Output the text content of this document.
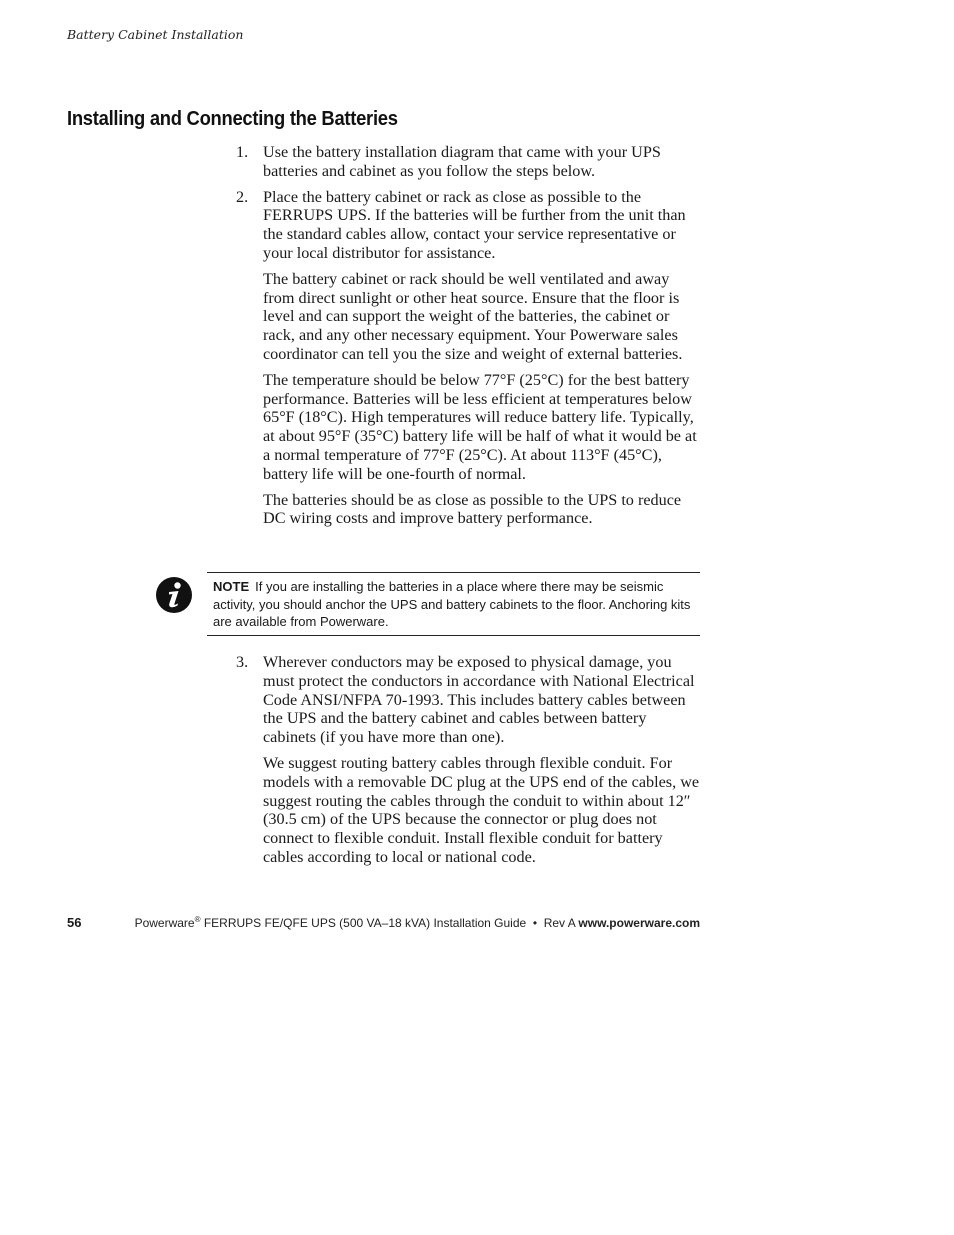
Battery Cabinet Installation
Installing and Connecting the Batteries
1. Use the battery installation diagram that came with your UPS batteries and cabinet as you follow the steps below.
2. Place the battery cabinet or rack as close as possible to the FERRUPS UPS. If the batteries will be further from the unit than the standard cables allow, contact your service representative or your local distributor for assistance.

The battery cabinet or rack should be well ventilated and away from direct sunlight or other heat source. Ensure that the floor is level and can support the weight of the batteries, the cabinet or rack, and any other necessary equipment. Your Powerware sales coordinator can tell you the size and weight of external batteries.

The temperature should be below 77°F (25°C) for the best battery performance. Batteries will be less efficient at temperatures below 65°F (18°C). High temperatures will reduce battery life. Typically, at about 95°F (35°C) battery life will be half of what it would be at a normal temperature of 77°F (25°C). At about 113°F (45°C), battery life will be one-fourth of normal.

The batteries should be as close as possible to the UPS to reduce DC wiring costs and improve battery performance.

NOTE If you are installing the batteries in a place where there may be seismic activity, you should anchor the UPS and battery cabinets to the floor. Anchoring kits are available from Powerware.
3. Wherever conductors may be exposed to physical damage, you must protect the conductors in accordance with National Electrical Code ANSI/NFPA 70-1993. This includes battery cables between the UPS and the battery cabinet and cables between battery cabinets (if you have more than one).

We suggest routing battery cables through flexible conduit. For models with a removable DC plug at the UPS end of the cables, we suggest routing the cables through the conduit to within about 12″ (30.5 cm) of the UPS because the connector or plug does not connect to flexible conduit. Install flexible conduit for battery cables according to local or national code.

56	Powerware® FERRUPS FE/QFE UPS (500 VA–18 kVA) Installation Guide  •  Rev A www.powerware.com
